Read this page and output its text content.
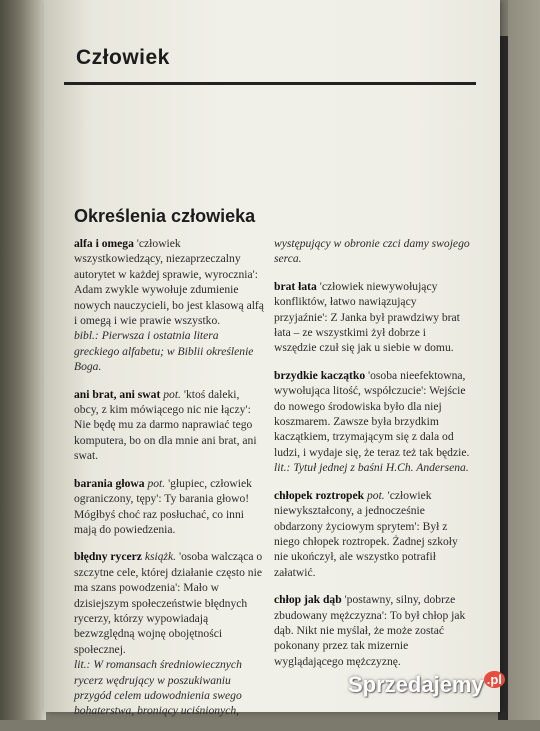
Człowiek
Określenia człowieka

alfa i omega 'człowiek wszystkowiedzący, niezaprzeczalny autorytet w każdej sprawie, wyrocznia': Adam zwykle wywołuje zdumienie nowych nauczycieli, bo jest klasową alfą i omegą i wie prawie wszystko.
bibl.: Pierwsza i ostatnia litera greckiego alfabetu; w Biblii określenie Boga.

ani brat, ani swat pot. 'ktoś daleki, obcy, z kim mówiącego nic nie łączy': Nie będę mu za darmo naprawiać tego komputera, bo on dla mnie ani brat, ani swat.

barania głowa pot. 'głupiec, człowiek ograniczony, tępy': Ty barania głowo! Mógłbyś choć raz posłuchać, co inni mają do powiedzenia.

błędny rycerz książk. 'osoba walcząca o szczytne cele, której działanie często nie ma szans powodzenia': Mało w dzisiejszym społeczeństwie błędnych rycerzy, którzy wypowiadają bezwzględną wojnę obojętności społecznej.
lit.: W romansach średniowiecznych rycerz wędrujący w poszukiwaniu przygód celem udowodnienia swego bohaterstwa, broniący uciśnionych,

występujący w obronie czci damy swojego serca.

brat łata 'człowiek niewywołujący konfliktów, łatwo nawiązujący przyjaźnie': Z Janka był prawdziwy brat łata – ze wszystkimi żył dobrze i wszędzie czuł się jak u siebie w domu.

brzydkie kaczątko 'osoba nieefektowna, wywołująca litość, współczucie': Wejście do nowego środowiska było dla niej koszmarem. Zawsze była brzydkim kaczątkiem, trzymającym się z dala od ludzi, i wydaje się, że teraz też tak będzie.
lit.: Tytuł jednej z baśni H.Ch. Andersena.

chłopek roztropek pot. 'człowiek niewykształcony, a jednocześnie obdarzony życiowym sprytem': Był z niego chłopek roztropek. Żadnej szkoły nie ukończył, ale wszystko potrafił załatwić.

chłop jak dąb 'postawny, silny, dobrze zbudowany mężczyzna': To był chłop jak dąb. Nikt nie myślał, że może zostać pokonany przez tak mizernie wyglądającego mężczyznę.

Sprzedajemy $^{.pl}$
